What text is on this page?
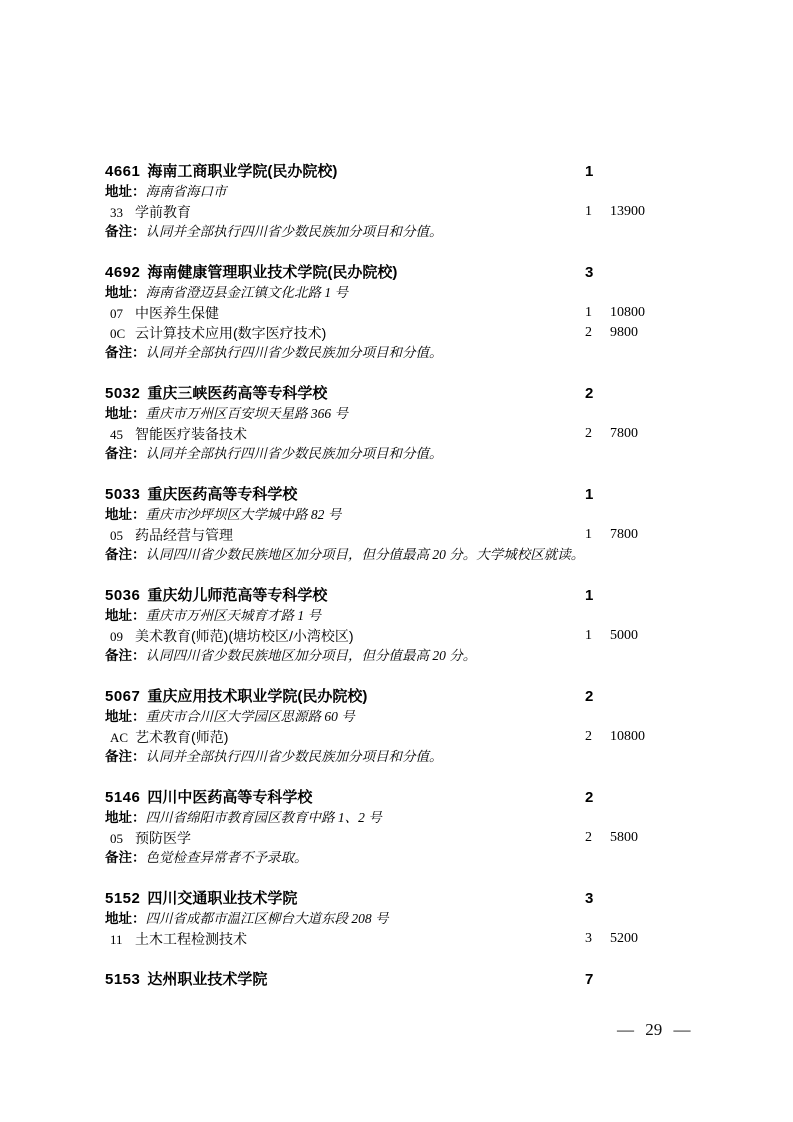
4661 海南工商职业学院(民办院校)	1
地址：海南省海口市
33 学前教育	1 13900
备注：认同并全部执行四川省少数民族加分项目和分值。
4692 海南健康管理职业技术学院(民办院校)	3
地址：海南省澄迈县金江镇文化北路 1 号
07 中医养生保健	1 10800
0C 云计算技术应用(数字医疗技术)	2 9800
备注：认同并全部执行四川省少数民族加分项目和分值。
5032 重庆三峡医药高等专科学校	2
地址：重庆市万州区百安坝天星路 366 号
45 智能医疗装备技术	2 7800
备注：认同并全部执行四川省少数民族加分项目和分值。
5033 重庆医药高等专科学校	1
地址：重庆市沙坪坝区大学城中路 82 号
05 药品经营与管理	1 7800
备注：认同四川省少数民族地区加分项目，但分值最高 20 分。大学城校区就读。
5036 重庆幼儿师范高等专科学校	1
地址：重庆市万州区天城育才路 1 号
09 美术教育(师范)(塘坊校区/小湾校区)	1 5000
备注：认同四川省少数民族地区加分项目，但分值最高 20 分。
5067 重庆应用技术职业学院(民办院校)	2
地址：重庆市合川区大学园区思源路 60 号
AC 艺术教育(师范)	2 10800
备注：认同并全部执行四川省少数民族加分项目和分值。
5146 四川中医药高等专科学校	2
地址：四川省绵阳市教育园区教育中路 1、2 号
05 预防医学	2 5800
备注：色觉检查异常者不予录取。
5152 四川交通职业技术学院	3
地址：四川省成都市温江区柳台大道东段 208 号
11 土木工程检测技术	3 5200
5153 达州职业技术学院	7
— 29 —
